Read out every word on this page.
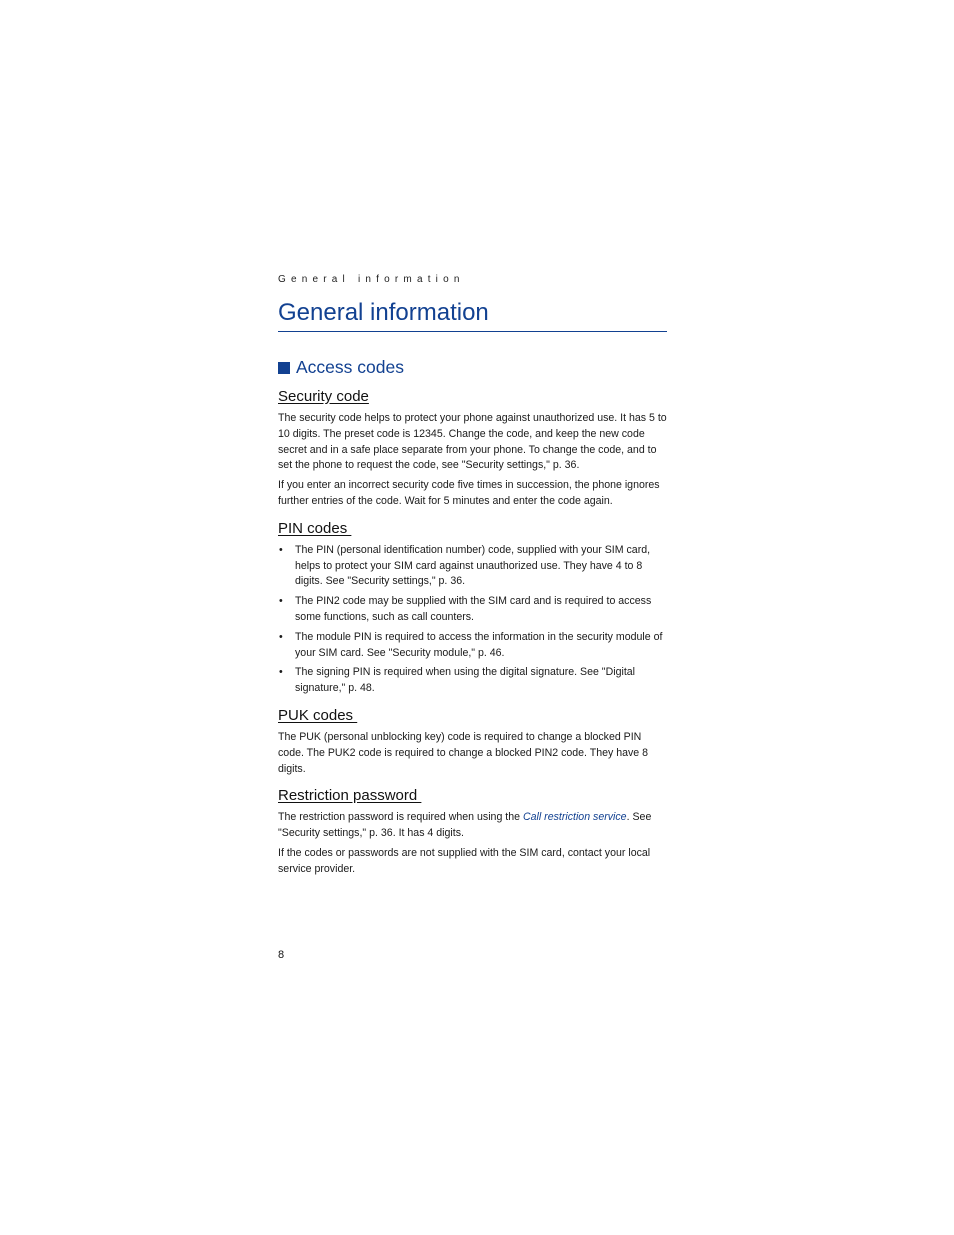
General information
General information
Access codes
Security code

The security code helps to protect your phone against unauthorized use. It has 5 to 10 digits. The preset code is 12345. Change the code, and keep the new code secret and in a safe place separate from your phone. To change the code, and to set the phone to request the code, see "Security settings," p. 36.

If you enter an incorrect security code five times in succession, the phone ignores further entries of the code. Wait for 5 minutes and enter the code again.

PIN codes
• The PIN (personal identification number) code, supplied with your SIM card, helps to protect your SIM card against unauthorized use. They have 4 to 8 digits. See "Security settings," p. 36.
• The PIN2 code may be supplied with the SIM card and is required to access some functions, such as call counters.
• The module PIN is required to access the information in the security module of your SIM card. See "Security module," p. 46.
• The signing PIN is required when using the digital signature. See "Digital signature," p. 48.
PUK codes

The PUK (personal unblocking key) code is required to change a blocked PIN code. The PUK2 code is required to change a blocked PIN2 code. They have 8 digits.

Restriction password

The restriction password is required when using the Call restriction service. See "Security settings," p. 36. It has 4 digits.

If the codes or passwords are not supplied with the SIM card, contact your local service provider.

8
